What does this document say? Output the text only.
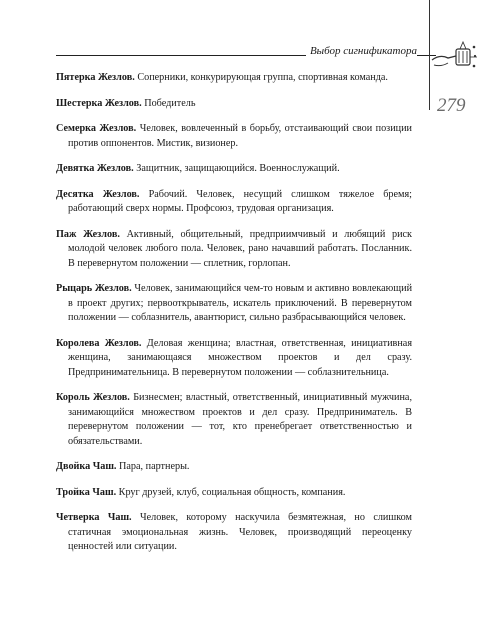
Выбор сигнификатора
279

Пятерка Жезлов. Соперники, конкурирующая группа, спортивная команда.

Шестерка Жезлов. Победитель

Семерка Жезлов. Человек, вовлеченный в борьбу, отстаивающий свои позиции против оппонентов. Мистик, визионер.

Девятка Жезлов. Защитник, защищающийся. Военнослужащий.

Десятка Жезлов. Рабочий. Человек, несущий слишком тяжелое бремя; работающий сверх нормы. Профсоюз, трудовая организация.

Паж Жезлов. Активный, общительный, предприимчивый и любящий риск молодой человек любого пола. Человек, рано начавший работать. Посланник. В перевернутом положении — сплетник, горлопан.

Рыцарь Жезлов. Человек, занимающийся чем-то новым и активно вовлекающий в проект других; первооткрыватель, искатель приключений. В перевернутом положении — соблазнитель, авантюрист, сильно разбрасывающийся человек.

Королева Жезлов. Деловая женщина; властная, ответственная, инициативная женщина, занимающаяся множеством проектов и дел сразу. Предпринимательница. В перевернутом положении — соблазнительница.

Король Жезлов. Бизнесмен; властный, ответственный, инициативный мужчина, занимающийся множеством проектов и дел сразу. Предприниматель. В перевернутом положении — тот, кто пренебрегает ответственностью и обязательствами.

Двойка Чаш. Пара, партнеры.

Тройка Чаш. Круг друзей, клуб, социальная общность, компания.

Четверка Чаш. Человек, которому наскучила безмятежная, но слишком статичная эмоциональная жизнь. Человек, производящий переоценку ценностей или ситуации.
